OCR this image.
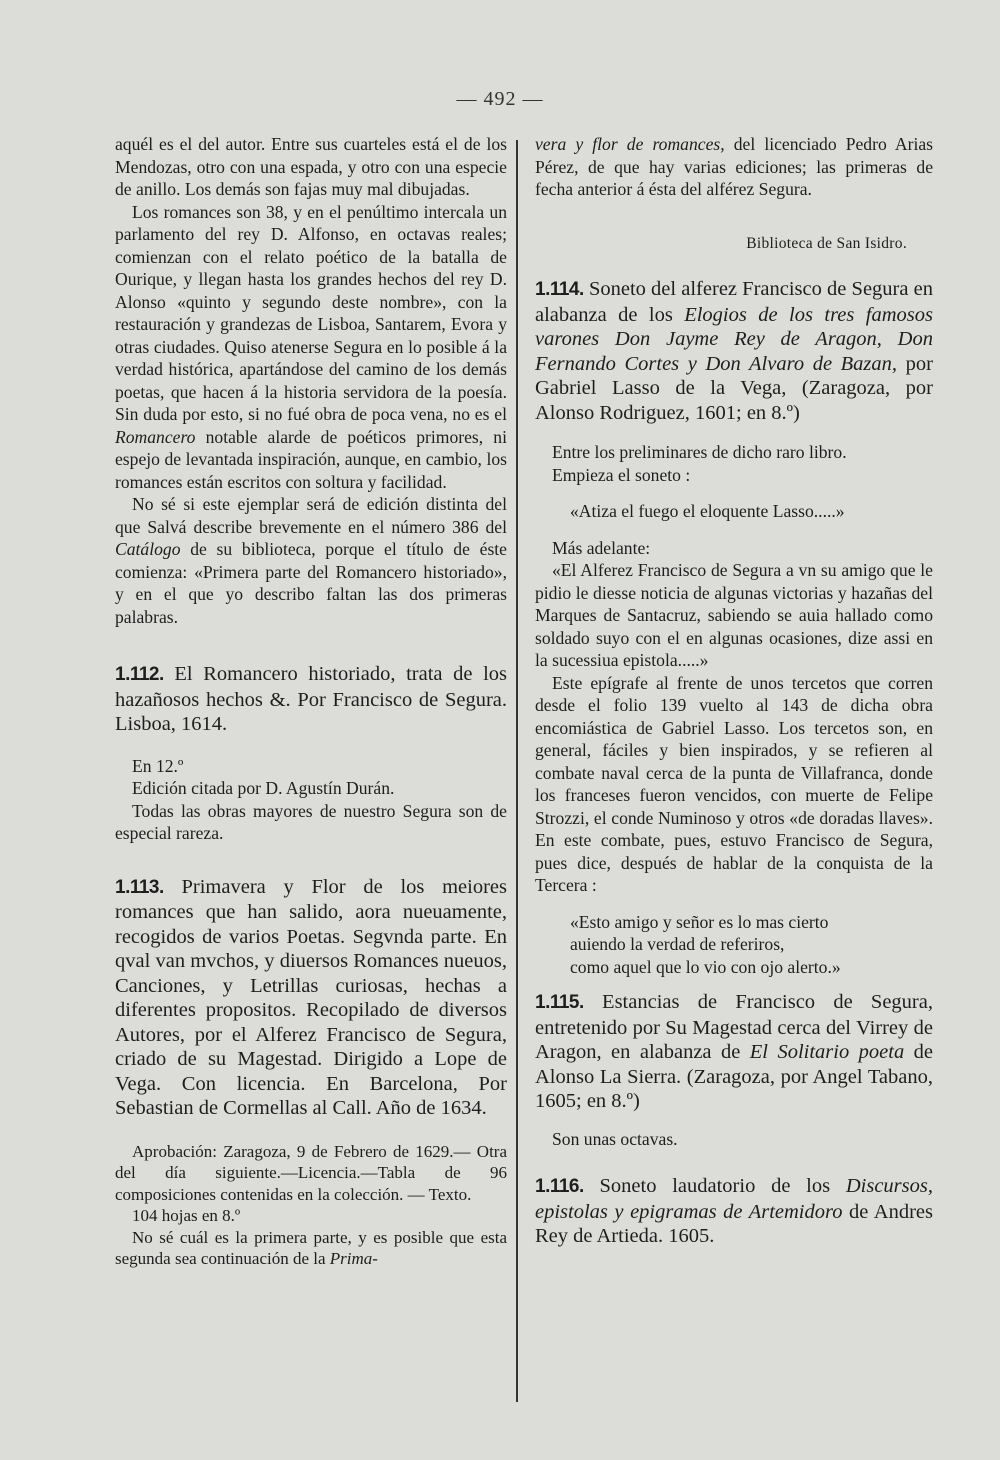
— 492 —

aquél es el del autor. Entre sus cuarteles está el de los Mendozas, otro con una espada, y otro con una especie de anillo. Los demás son fajas muy mal dibujadas.

Los romances son 38, y en el penúltimo intercala un parlamento del rey D. Alfonso, en octavas reales; comienzan con el relato poético de la batalla de Ourique, y llegan hasta los grandes hechos del rey D. Alonso «quinto y segundo deste nombre», con la restauración y grandezas de Lisboa, Santarem, Evora y otras ciudades. Quiso atenerse Segura en lo posible á la verdad histórica, apartándose del camino de los demás poetas, que hacen á la historia servidora de la poesía. Sin duda por esto, si no fué obra de poca vena, no es el Romancero notable alarde de poéticos primores, ni espejo de levantada inspiración, aunque, en cambio, los romances están escritos con soltura y facilidad.

No sé si este ejemplar será de edición distinta del que Salvá describe brevemente en el número 386 del Catálogo de su biblioteca, porque el título de éste comienza: «Primera parte del Romancero historiado», y en el que yo describo faltan las dos primeras palabras.

1.112. El Romancero historiado, trata de los hazañosos hechos &. Por Francisco de Segura. Lisboa, 1614.

En 12.º

Edición citada por D. Agustín Durán.

Todas las obras mayores de nuestro Segura son de especial rareza.

1.113. Primavera y Flor de los meiores romances que han salido, aora nueuamente, recogidos de varios Poetas. Segvnda parte. En qval van mvchos, y diuersos Romances nueuos, Canciones, y Letrillas curiosas, hechas a diferentes propositos. Recopilado de diversos Autores, por el Alferez Francisco de Segura, criado de su Magestad. Dirigido a Lope de Vega. Con licencia. En Barcelona, Por Sebastian de Cormellas al Call. Año de 1634.

Aprobación: Zaragoza, 9 de Febrero de 1629.— Otra del día siguiente.—Licencia.—Tabla de 96 composiciones contenidas en la colección. — Texto.

104 hojas en 8.º

No sé cuál es la primera parte, y es posible que esta segunda sea continuación de la Prima-

vera y flor de romances, del licenciado Pedro Arias Pérez, de que hay varias ediciones; las primeras de fecha anterior á ésta del alférez Segura.

Biblioteca de San Isidro.

1.114. Soneto del alferez Francisco de Segura en alabanza de los Elogios de los tres famosos varones Don Jayme Rey de Aragon, Don Fernando Cortes y Don Alvaro de Bazan, por Gabriel Lasso de la Vega, (Zaragoza, por Alonso Rodriguez, 1601; en 8.º)

Entre los preliminares de dicho raro libro.

Empieza el soneto :

«Atiza el fuego el eloquente Lasso.....»

Más adelante:

«El Alferez Francisco de Segura a vn su amigo que le pidio le diesse noticia de algunas victorias y hazañas del Marques de Santacruz, sabiendo se auia hallado como soldado suyo con el en algunas ocasiones, dize assi en la sucessiua epistola.....»

Este epígrafe al frente de unos tercetos que corren desde el folio 139 vuelto al 143 de dicha obra encomiástica de Gabriel Lasso. Los tercetos son, en general, fáciles y bien inspirados, y se refieren al combate naval cerca de la punta de Villafranca, donde los franceses fueron vencidos, con muerte de Felipe Strozzi, el conde Numinoso y otros «de doradas llaves». En este combate, pues, estuvo Francisco de Segura, pues dice, después de hablar de la conquista de la Tercera :

«Esto amigo y señor es lo mas cierto

auiendo la verdad de referiros,

como aquel que lo vio con ojo alerto.»

1.115. Estancias de Francisco de Segura, entretenido por Su Magestad cerca del Virrey de Aragon, en alabanza de El Solitario poeta de Alonso La Sierra. (Zaragoza, por Angel Tabano, 1605; en 8.º)

Son unas octavas.

1.116. Soneto laudatorio de los Discursos, epistolas y epigramas de Artemidoro de Andres Rey de Artieda. 1605.
